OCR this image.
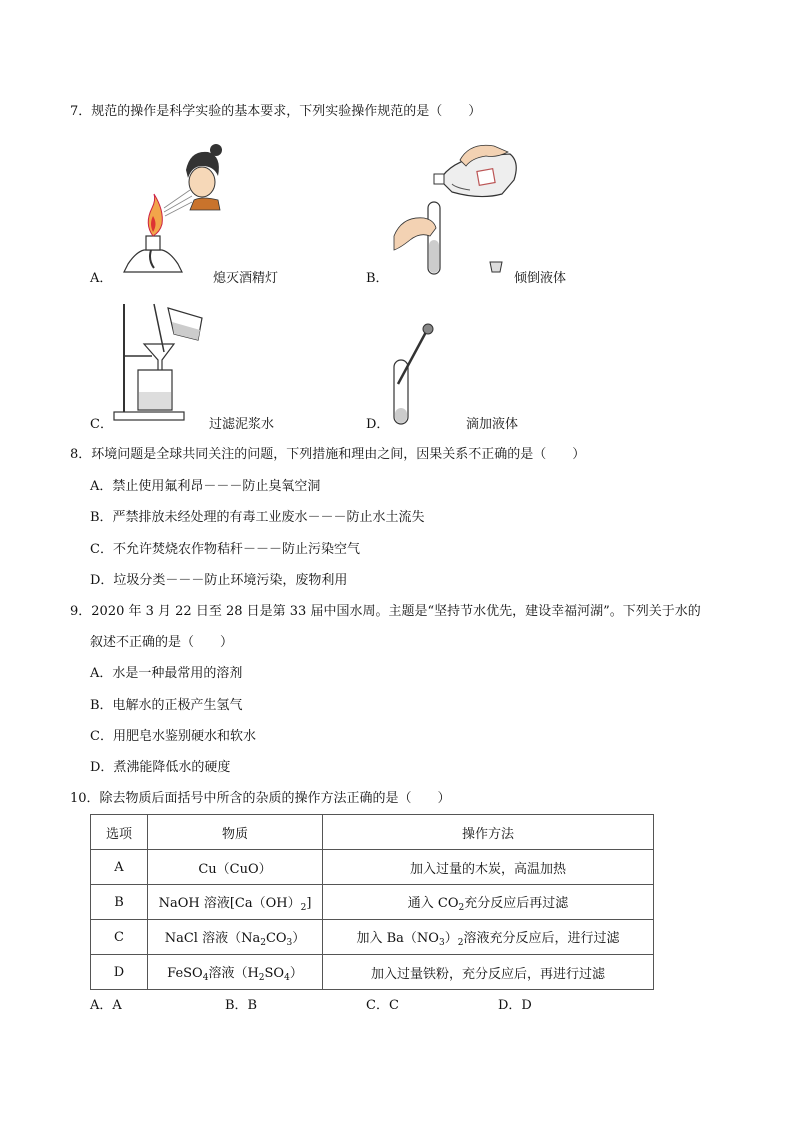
7．规范的操作是科学实验的基本要求，下列实验操作规范的是（　　）
A．	熄灭酒精灯	B．	倾倒液体
C．	过滤泥浆水	D．	滴加液体
8．环境问题是全球共同关注的问题，下列措施和理由之间，因果关系不正确的是（　　）
A．禁止使用氟利昂－－－防止臭氧空洞
B．严禁排放未经处理的有毒工业废水－－－防止水土流失
C．不允许焚烧农作物秸秆－－－防止污染空气
D．垃圾分类－－－防止环境污染，废物利用
9．2020 年 3 月 22 日至 28 日是第 33 届中国水周。主题是“坚持节水优先，建设幸福河湖”。下列关于水的
叙述不正确的是（　　）
A．水是一种最常用的溶剂
B．电解水的正极产生氢气
C．用肥皂水鉴别硬水和软水
D．煮沸能降低水的硬度
10．除去物质后面括号中所含的杂质的操作方法正确的是（　　）
选项	物质	操作方法
A	Cu（CuO）	加入过量的木炭，高温加热
B	NaOH 溶液$[Ca(OH)_2]$	通入 $CO_2$充分反应后再过滤
C	NaCl 溶液$(Na_2CO_3)$	加入 $Ba(NO_3)_2$溶液充分反应后，进行过滤
D	FeSO$_4$溶液$(H_2SO_4)$	加入过量铁粉，充分反应后，再进行过滤
A．A	B．B	C．C	D．D
